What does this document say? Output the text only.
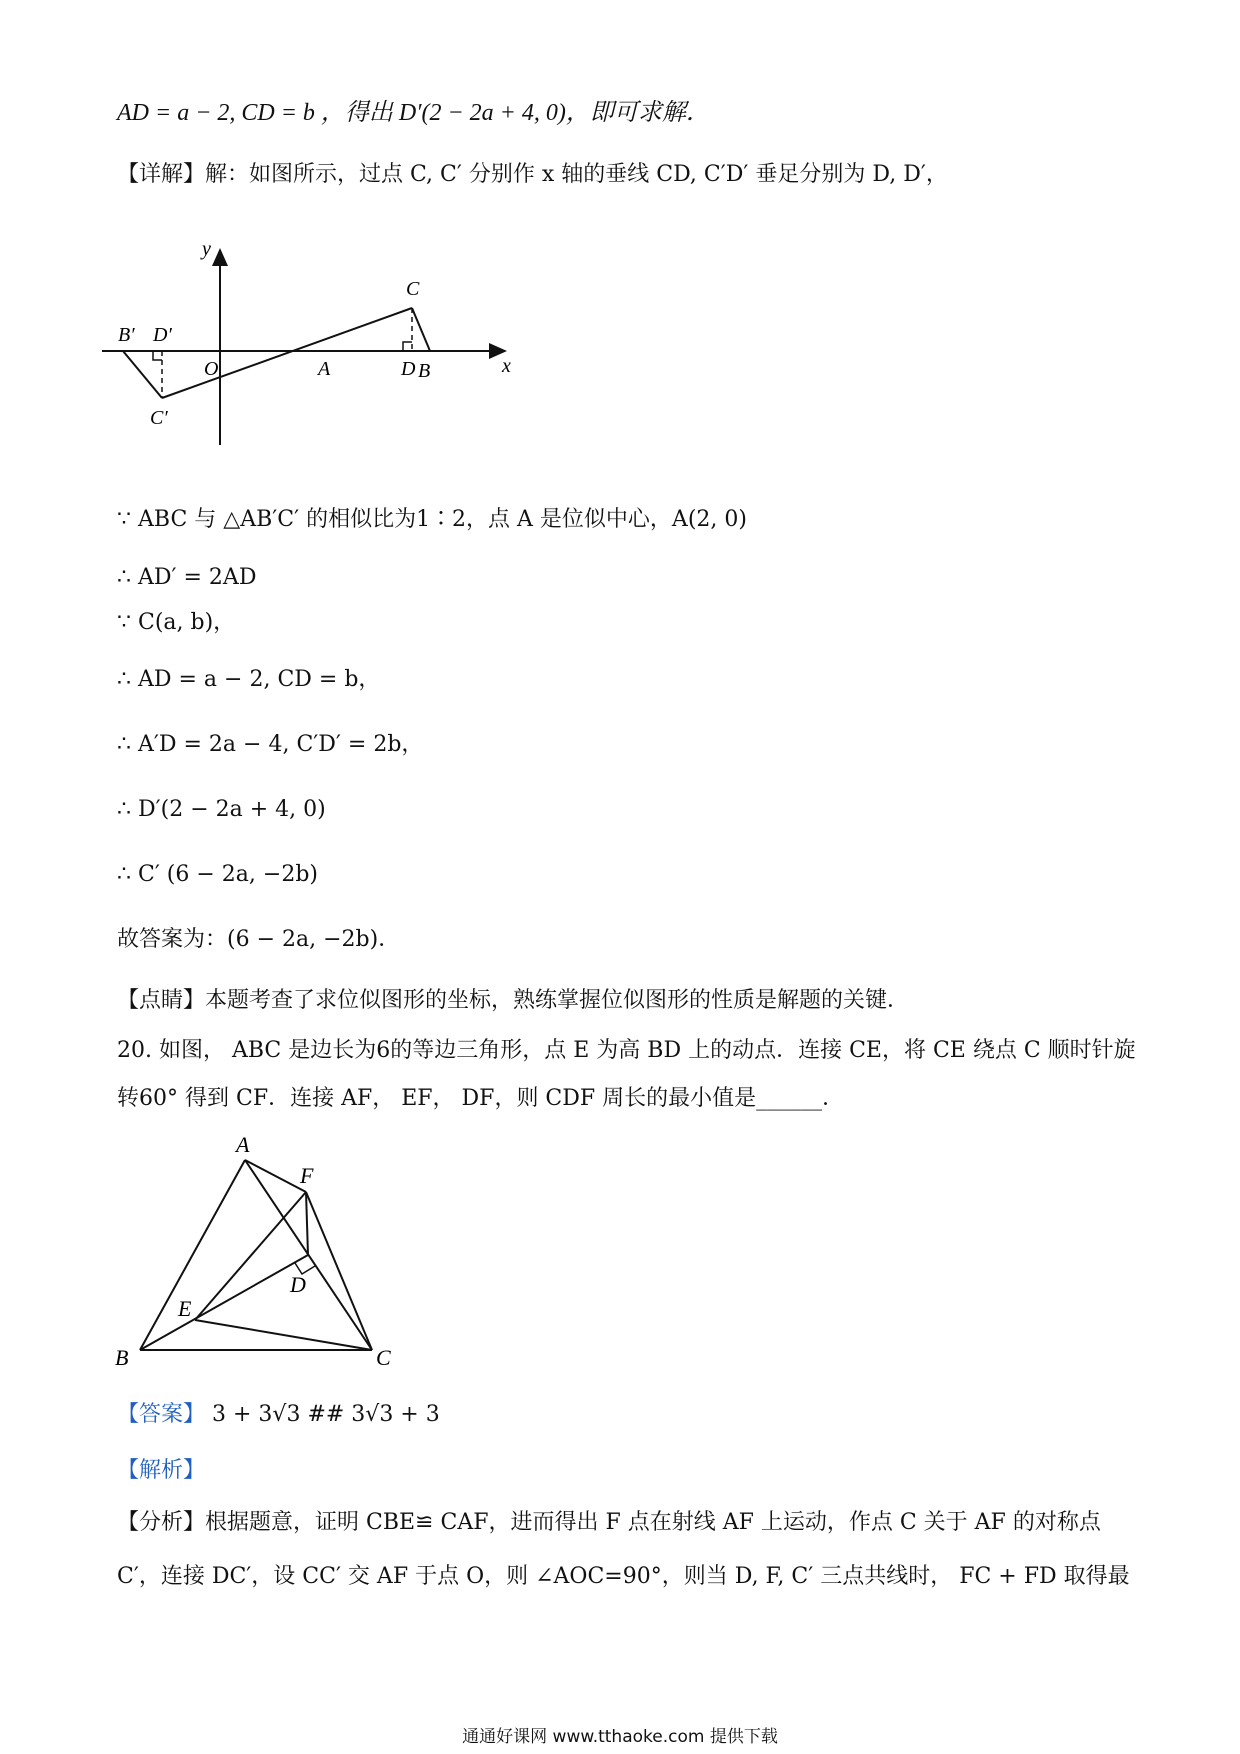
AD = a − 2, CD = b ，得出 D′(2 − 2a + 4, 0)，即可求解．
【详解】解：如图所示，过点 C, C′ 分别作 x 轴的垂线 CD, C′D′ 垂足分别为 D, D′，
y
x
O	A
C
D B
B′ D′
C′
∵ ABC 与 △AB′C′ 的相似比为1∶2，点 A 是位似中心，A(2, 0)
∴ AD′ = 2AD
∵ C(a, b)，
∴ AD = a − 2, CD = b，
∴ A′D = 2a − 4, C′D′ = 2b，
∴ D′(2 − 2a + 4, 0)
∴ C′ (6 − 2a, −2b)
故答案为：(6 − 2a, −2b)．
【点睛】本题考查了求位似图形的坐标，熟练掌握位似图形的性质是解题的关键．
20. 如图， ABC 是边长为6的等边三角形，点 E 为高 BD 上的动点．连接 CE，将 CE 绕点 C 顺时针旋
转60° 得到 CF．连接 AF， EF， DF，则 CDF 周长的最小值是______．
A
F
D
E
B	C
【答案】 3 + 3√3 ## 3√3 + 3
【解析】
【分析】根据题意，证明 CBE≌ CAF，进而得出 F 点在射线 AF 上运动，作点 C 关于 AF 的对称点
C′，连接 DC′，设 CC′ 交 AF 于点 O，则 ∠AOC=90°，则当 D, F, C′ 三点共线时， FC + FD 取得最
通通好课网 www.tthaoke.com 提供下载
